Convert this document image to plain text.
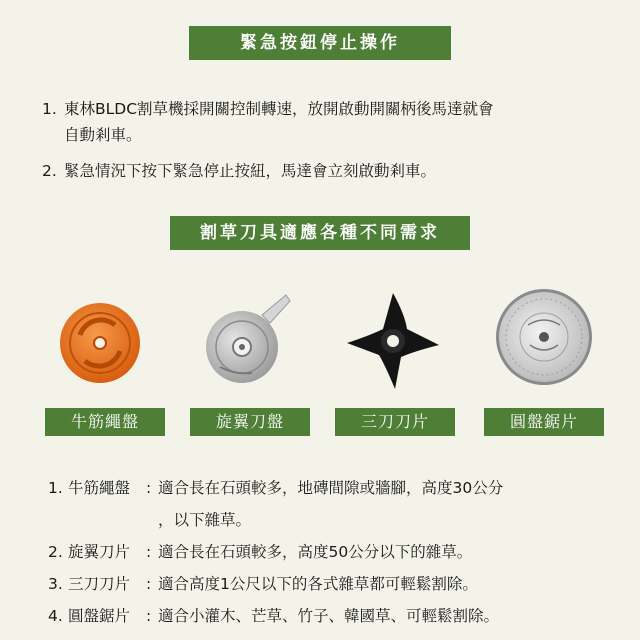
緊急按鈕停止操作
1. 東林BLDC割草機採開關控制轉速，放開啟動開關柄後馬達就會
自動剎車。
2. 緊急情況下按下緊急停止按紐，馬達會立刻啟動剎車。
割草刀具適應各種不同需求
牛筋繩盤	旋翼刀盤	三刀刀片	圓盤鋸片
1. 牛筋繩盤	: 適合長在石頭較多，地磚間隙或牆腳，高度30公分
，以下雜草。
2. 旋翼刀片	: 適合長在石頭較多，高度50公分以下的雜草。
3. 三刀刀片	: 適合高度1公尺以下的各式雜草都可輕鬆割除。
4. 圓盤鋸片	: 適合小灌木、芒草、竹子、韓國草、可輕鬆割除。
